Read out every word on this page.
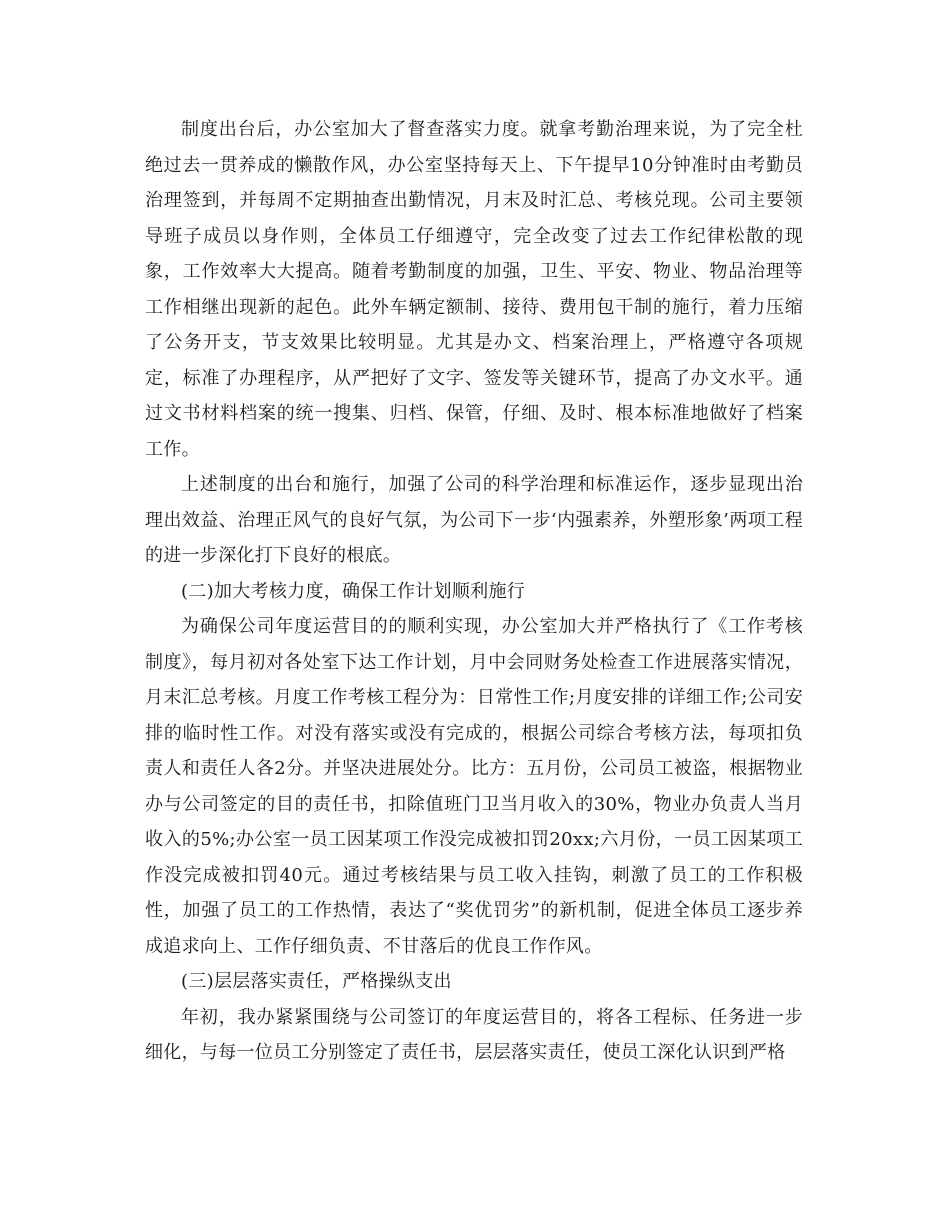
制度出台后，办公室加大了督查落实力度。就拿考勤治理来说，为了完全杜绝过去一贯养成的懒散作风，办公室坚持每天上、下午提早10分钟准时由考勤员治理签到，并每周不定期抽查出勤情况，月末及时汇总、考核兑现。公司主要领导班子成员以身作则，全体员工仔细遵守，完全改变了过去工作纪律松散的现象，工作效率大大提高。随着考勤制度的加强，卫生、平安、物业、物品治理等工作相继出现新的起色。此外车辆定额制、接待、费用包干制的施行，着力压缩了公务开支，节支效果比较明显。尤其是办文、档案治理上，严格遵守各项规定，标准了办理程序，从严把好了文字、签发等关键环节，提高了办文水平。通过文书材料档案的统一搜集、归档、保管，仔细、及时、根本标准地做好了档案工作。

上述制度的出台和施行，加强了公司的科学治理和标准运作，逐步显现出治理出效益、治理正风气的良好气氛，为公司下一步‘内强素养，外塑形象’两项工程的进一步深化打下良好的根底。

(二)加大考核力度，确保工作计划顺利施行

为确保公司年度运营目的的顺利实现，办公室加大并严格执行了《工作考核制度》，每月初对各处室下达工作计划，月中会同财务处检查工作进展落实情况，月末汇总考核。月度工作考核工程分为：日常性工作;月度安排的详细工作;公司安排的临时性工作。对没有落实或没有完成的，根据公司综合考核方法，每项扣负责人和责任人各2分。并坚决进展处分。比方：五月份，公司员工被盗，根据物业办与公司签定的目的责任书，扣除值班门卫当月收入的30%，物业办负责人当月收入的5%;办公室一员工因某项工作没完成被扣罚20xx;六月份，一员工因某项工作没完成被扣罚40元。通过考核结果与员工收入挂钩，刺激了员工的工作积极性，加强了员工的工作热情，表达了“奖优罚劣”的新机制，促进全体员工逐步养成追求向上、工作仔细负责、不甘落后的优良工作作风。

(三)层层落实责任，严格操纵支出

年初，我办紧紧围绕与公司签订的年度运营目的，将各工程标、任务进一步细化，与每一位员工分别签定了责任书，层层落实责任，使员工深化认识到严格
